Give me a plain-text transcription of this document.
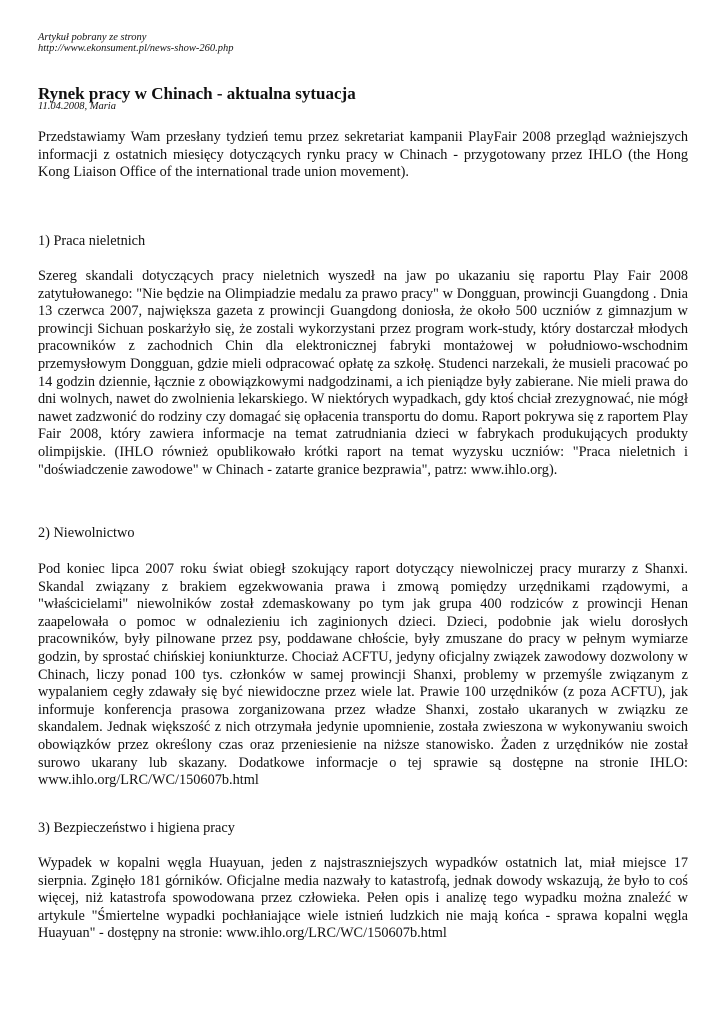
Artykuł pobrany ze strony
http://www.ekonsument.pl/news-show-260.php
Rynek pracy w Chinach - aktualna sytuacja
11.04.2008, Maria

Przedstawiamy Wam przesłany tydzień temu przez sekretariat kampanii PlayFair 2008 przegląd ważniejszych informacji z ostatnich miesięcy dotyczących rynku pracy w Chinach - przygotowany przez IHLO (the Hong Kong Liaison Office of the international trade union movement).

1) Praca nieletnich

Szereg skandali dotyczących pracy nieletnich wyszedł na jaw po ukazaniu się raportu Play Fair 2008 zatytułowanego: "Nie będzie na Olimpiadzie medalu za prawo pracy" w Dongguan, prowincji Guangdong . Dnia 13 czerwca 2007, największa gazeta z prowincji Guangdong doniosła, że około 500 uczniów z gimnazjum w prowincji Sichuan poskarżyło się, że zostali wykorzystani przez program work-study, który dostarczał młodych pracowników z zachodnich Chin dla elektronicznej fabryki montażowej w południowo-wschodnim przemysłowym Dongguan, gdzie mieli odpracować opłatę za szkołę. Studenci narzekali, że musieli pracować po 14 godzin dziennie, łącznie z obowiązkowymi nadgodzinami, a ich pieniądze były zabierane. Nie mieli prawa do dni wolnych, nawet do zwolnienia lekarskiego. W niektórych wypadkach, gdy ktoś chciał zrezygnować, nie mógł nawet zadzwonić do rodziny czy domagać się opłacenia transportu do domu. Raport pokrywa się z raportem Play Fair 2008, który zawiera informacje na temat zatrudniania dzieci w fabrykach produkujących produkty olimpijskie. (IHLO również opublikowało krótki raport na temat wyzysku uczniów: "Praca nieletnich i "doświadczenie zawodowe" w Chinach - zatarte granice bezprawia", patrz: www.ihlo.org).

2) Niewolnictwo

Pod koniec lipca 2007 roku świat obiegł szokujący raport dotyczący niewolniczej pracy murarzy z Shanxi. Skandal związany z brakiem egzekwowania prawa i zmową pomiędzy urzędnikami rządowymi, a "właścicielami" niewolników został zdemaskowany po tym jak grupa 400 rodziców z prowincji Henan zaapelowała o pomoc w odnalezieniu ich zaginionych dzieci. Dzieci, podobnie jak wielu dorosłych pracowników, były pilnowane przez psy, poddawane chłoście, były zmuszane do pracy w pełnym wymiarze godzin, by sprostać chińskiej koniunkturze. Chociaż ACFTU, jedyny oficjalny związek zawodowy dozwolony w Chinach, liczy ponad 100 tys. członków w samej prowincji Shanxi, problemy w przemyśle związanym z wypalaniem cegły zdawały się być niewidoczne przez wiele lat. Prawie 100 urzędników (z poza ACFTU), jak informuje konferencja prasowa zorganizowana przez władze Shanxi, zostało ukaranych w związku ze skandalem. Jednak większość z nich otrzymała jedynie upomnienie, została zwieszona w wykonywaniu swoich obowiązków przez określony czas oraz przeniesienie na niższe stanowisko. Żaden z urzędników nie został surowo ukarany lub skazany. Dodatkowe informacje o tej sprawie są dostępne na stronie IHLO: www.ihlo.org/LRC/WC/150607b.html

3) Bezpieczeństwo i higiena pracy

Wypadek w kopalni węgla Huayuan, jeden z najstraszniejszych wypadków ostatnich lat, miał miejsce 17 sierpnia. Zginęło 181 górników. Oficjalne media nazwały to katastrofą, jednak dowody wskazują, że było to coś więcej, niż katastrofa spowodowana przez człowieka. Pełen opis i analizę tego wypadku można znaleźć w artykule "Śmiertelne wypadki pochłaniające wiele istnień ludzkich nie mają końca - sprawa kopalni węgla Huayuan" - dostępny na stronie: www.ihlo.org/LRC/WC/150607b.html
